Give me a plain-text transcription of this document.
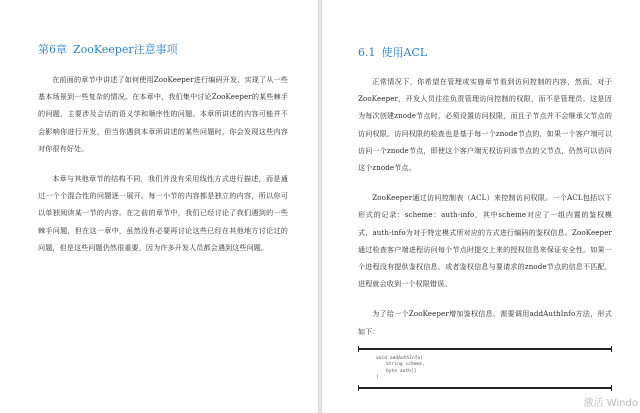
第6章 ZooKeeper注意事项

在前面的章节中讲述了如何使用ZooKeeper进行编码开发，实现了从一些基本场景到一些复杂的情况。在本章中，我们集中讨论ZooKeeper的某些棘手的问题，主要涉及会话的语义学和顺序性的问题。本章所讲述的内容可能并不会影响你进行开发，但当你遇到本章所讲述的某些问题时，你会发现这些内容对你很有好处。

本章与其他章节的结构不同，我们并没有采用线性方式进行描述，而是通过一个个混合性的问题逐一展开。每一小节的内容都是独立的内容，所以你可以单独阅读某一节的内容。在之前的章节中，我们已经讨论了我们遇到的一些棘手问题，但在这一章中，虽然没有必要再讨论这些已经在其他地方讨论过的问题，但是这些问题仍然很重要，因为许多开发人员都会遇到这些问题。

6.1 使用ACL

正常情况下，你希望在管理或实施章节看到访问控制的内容，然而，对于ZooKeeper，开发人员往往负责管理访问控制的权限，而不是管理员。这是因为每次创建znode节点时，必须设置访问权限，而且子节点并不会继承父节点的访问权限。访问权限的检查也是基于每一个znode节点的，如果一个客户端可以访问一个znode节点，即使这个客户端无权访问该节点的父节点，仍然可以访问这个znode节点。

ZooKeeper通过访问控制表（ACL）来控制访问权限。一个ACL包括以下形式的记录：scheme：auth-info，其中scheme对应了一组内置的鉴权模式，auth-info为对于特定模式所对应的方式进行编码的鉴权信息。ZooKeeper通过检查客户端进程访问每个节点时提交上来的授权信息来保证安全性。如果一个进程没有提供鉴权信息，或者鉴权信息与要请求的znode节点的信息不匹配，进程就会收到一个权限错误。

为了给一个ZooKeeper增加鉴权信息，需要调用addAuthInfo方法，形式如下：

void addAuthInfo(

String scheme,
byte auth[]
)
激活 Windo
